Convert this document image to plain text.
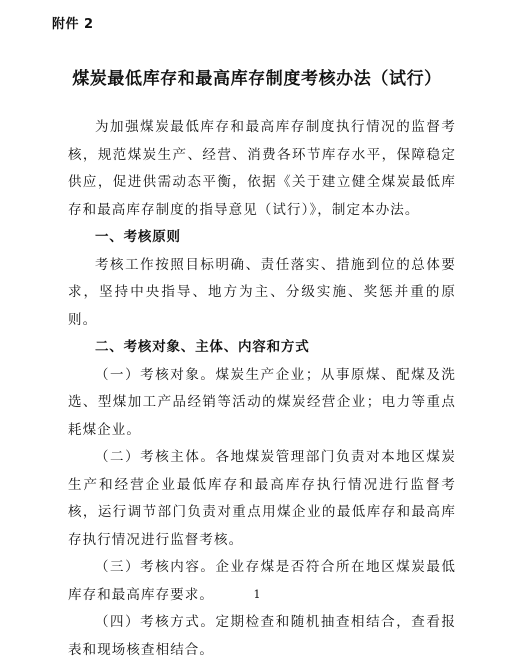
附件 2
煤炭最低库存和最高库存制度考核办法（试行）

为加强煤炭最低库存和最高库存制度执行情况的监督考核，规范煤炭生产、经营、消费各环节库存水平，保障稳定供应，促进供需动态平衡，依据《关于建立健全煤炭最低库存和最高库存制度的指导意见（试行）》，制定本办法。

一、考核原则

考核工作按照目标明确、责任落实、措施到位的总体要求，坚持中央指导、地方为主、分级实施、奖惩并重的原则。

二、考核对象、主体、内容和方式

（一）考核对象。煤炭生产企业；从事原煤、配煤及洗选、型煤加工产品经销等活动的煤炭经营企业；电力等重点耗煤企业。

（二）考核主体。各地煤炭管理部门负责对本地区煤炭生产和经营企业最低库存和最高库存执行情况进行监督考核，运行调节部门负责对重点用煤企业的最低库存和最高库存执行情况进行监督考核。

（三）考核内容。企业存煤是否符合所在地区煤炭最低库存和最高库存要求。

（四）考核方式。定期检查和随机抽查相结合，查看报表和现场核查相结合。

1
